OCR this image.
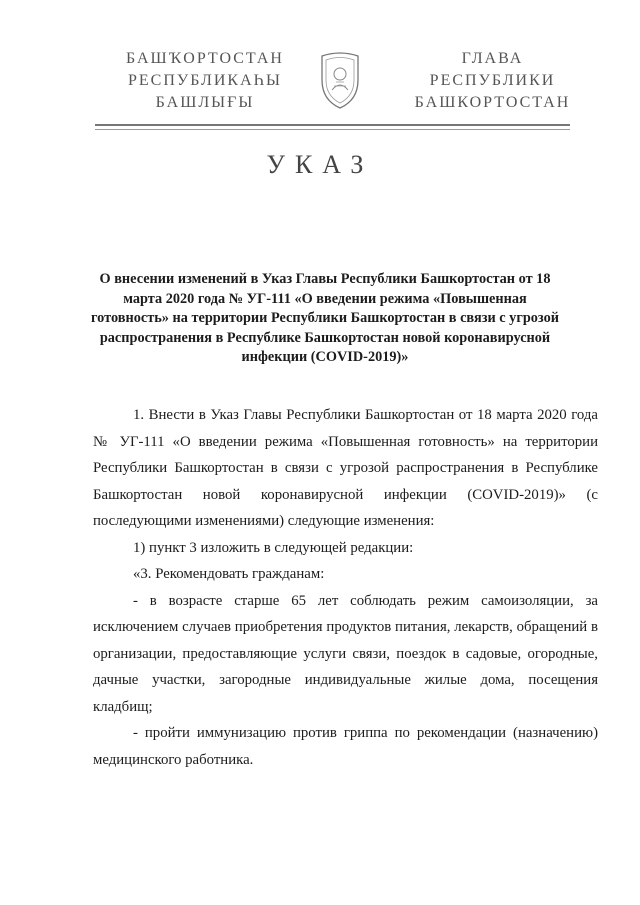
БАШҠОРТОСТАН
РЕСПУБЛИКАҺЫ
БАШЛЫҒЫ
ГЛАВА
РЕСПУБЛИКИ
БАШКОРТОСТАН
УКАЗ
О внесении изменений в Указ Главы Республики Башкортостан от 18 марта 2020 года № УГ-111 «О введении режима «Повышенная готовность» на территории Республики Башкортостан в связи с угрозой распространения в Республике Башкортостан новой коронавирусной инфекции (COVID-2019)»

1. Внести в Указ Главы Республики Башкортостан от 18 марта 2020 года № УГ-111 «О введении режима «Повышенная готовность» на территории Республики Башкортостан в связи с угрозой распространения в Республике Башкортостан новой коронавирусной инфекции (COVID-2019)» (с последующими изменениями) следующие изменения:

1) пункт 3 изложить в следующей редакции:

«3. Рекомендовать гражданам:

- в возрасте старше 65 лет соблюдать режим самоизоляции, за исключением случаев приобретения продуктов питания, лекарств, обращений в организации, предоставляющие услуги связи, поездок в садовые, огородные, дачные участки, загородные индивидуальные жилые дома, посещения кладбищ;

- пройти иммунизацию против гриппа по рекомендации (назначению) медицинского работника.
